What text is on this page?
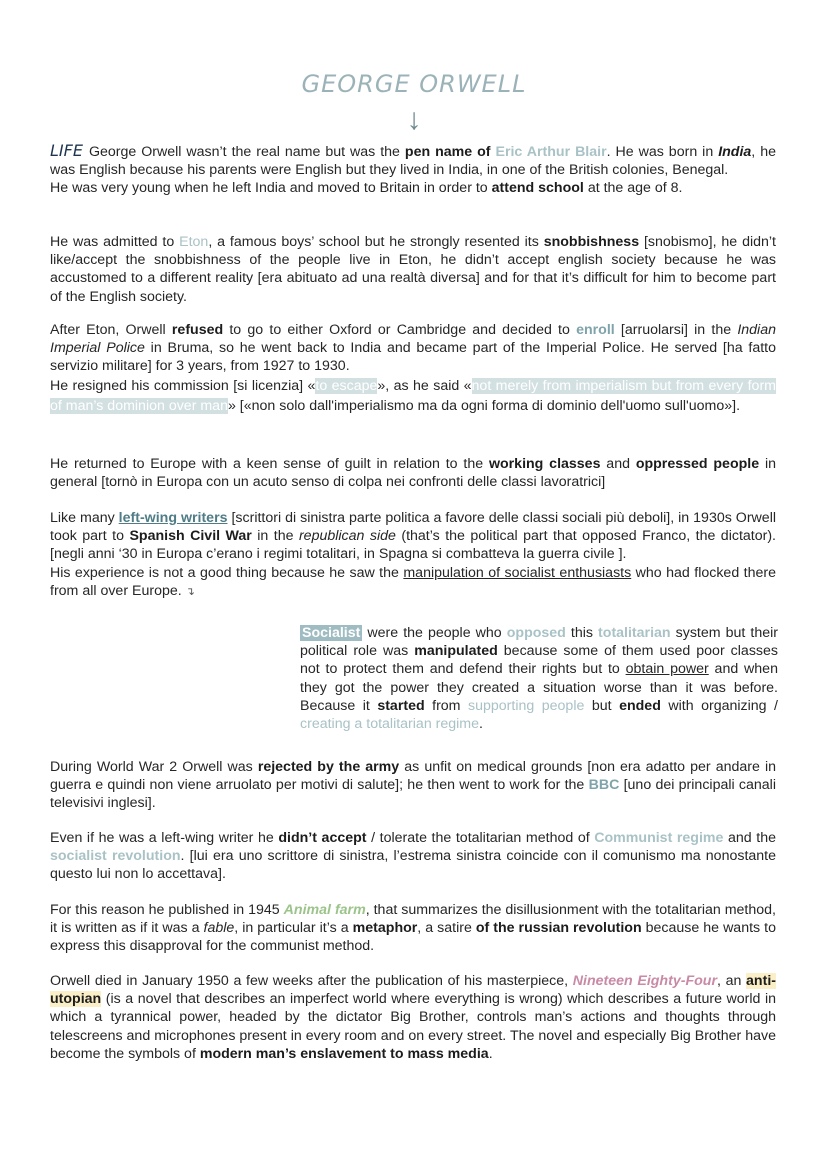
GEORGE ORWELL
↓

LIFE George Orwell wasn’t the real name but was the pen name of Eric Arthur Blair. He was born in India, he was English because his parents were English but they lived in India, in one of the British colonies, Benegal.

He was very young when he left India and moved to Britain in order to attend school at the age of 8.

He was admitted to Eton, a famous boys’ school but he strongly resented its snobbishness [snobismo], he didn’t like/accept the snobbishness of the people live in Eton, he didn’t accept english society because he was accustomed to a different reality [era abituato ad una realtà diversa] and for that it’s difficult for him to become part of the English society.

After Eton, Orwell refused to go to either Oxford or Cambridge and decided to enroll [arruolarsi] in the Indian Imperial Police in Bruma, so he went back to India and became part of the Imperial Police. He served [ha fatto servizio militare] for 3 years, from 1927 to 1930.

He resigned his commission [si licenzia] «to escape», as he said «not merely from imperialism but from every form of man’s dominion over man» [«non solo dall'imperialismo ma da ogni forma di dominio dell'uomo sull'uomo»].

He returned to Europe with a keen sense of guilt in relation to the working classes and oppressed people in general [tornò in Europa con un acuto senso di colpa nei confronti delle classi lavoratrici]

Like many left-wing writers [scrittori di sinistra parte politica a favore delle classi sociali più deboli], in 1930s Orwell took part to Spanish Civil War in the republican side (that’s the political part that opposed Franco, the dictator). [negli anni ‘30 in Europa c’erano i regimi totalitari, in Spagna si combatteva la guerra civile ].

His experience is not a good thing because he saw the manipulation of socialist enthusiasts who had flocked there from all over Europe. ↴

Socialist were the people who opposed this totalitarian system but their political role was manipulated because some of them used poor classes not to protect them and defend their rights but to obtain power and when they got the power they created a situation worse than it was before. Because it started from supporting people but ended with organizing / creating a totalitarian regime.

During World War 2 Orwell was rejected by the army as unfit on medical grounds [non era adatto per andare in guerra e quindi non viene arruolato per motivi di salute]; he then went to work for the BBC [uno dei principali canali televisivi inglesi].

Even if he was a left-wing writer he didn’t accept / tolerate the totalitarian method of Communist regime and the socialist revolution. [lui era uno scrittore di sinistra, l’estrema sinistra coincide con il comunismo ma nonostante questo lui non lo accettava].

For this reason he published in 1945 Animal farm, that summarizes the disillusionment with the totalitarian method, it is written as if it was a fable, in particular it’s a metaphor, a satire of the russian revolution because he wants to express this disapproval for the communist method.

Orwell died in January 1950 a few weeks after the publication of his masterpiece, Nineteen Eighty-Four, an anti-utopian (is a novel that describes an imperfect world where everything is wrong) which describes a future world in which a tyrannical power, headed by the dictator Big Brother, controls man’s actions and thoughts through telescreens and microphones present in every room and on every street. The novel and especially Big Brother have become the symbols of modern man’s enslavement to mass media.
